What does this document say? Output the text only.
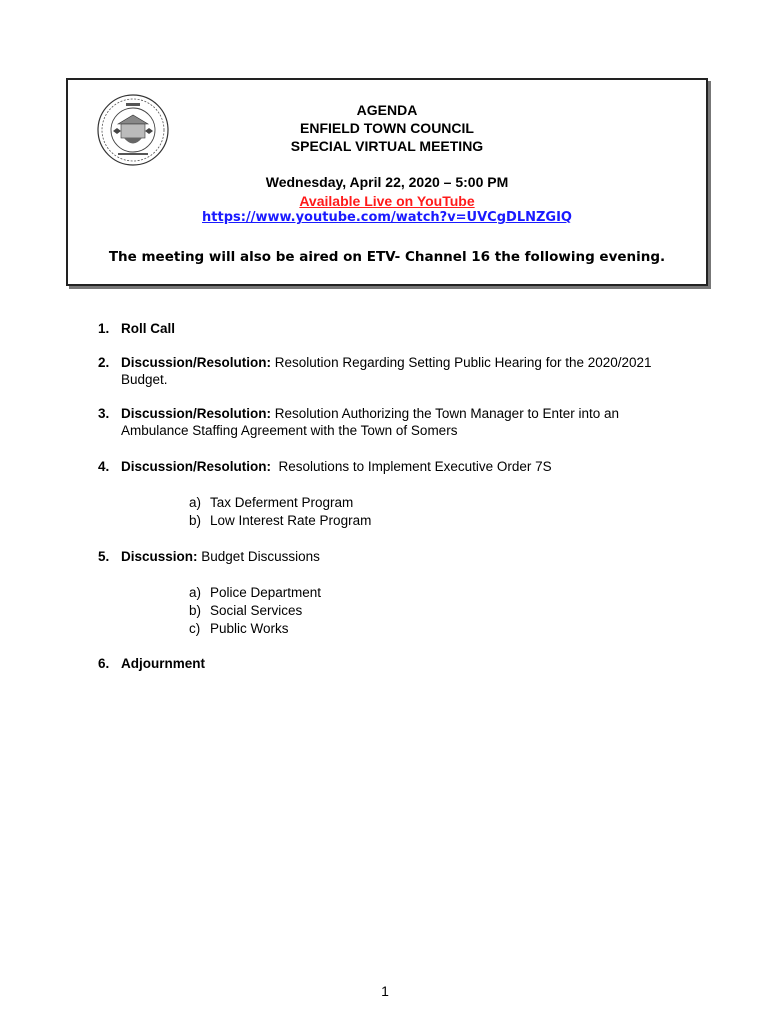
AGENDA
ENFIELD TOWN COUNCIL
SPECIAL VIRTUAL MEETING
Wednesday, April 22, 2020 – 5:00 PM
Available Live on YouTube
https://www.youtube.com/watch?v=UVCgDLNZGIQ
The meeting will also be aired on ETV- Channel 16 the following evening.
1. Roll Call
2. Discussion/Resolution: Resolution Regarding Setting Public Hearing for the 2020/2021 Budget.
3. Discussion/Resolution: Resolution Authorizing the Town Manager to Enter into an Ambulance Staffing Agreement with the Town of Somers
4. Discussion/Resolution:  Resolutions to Implement Executive Order 7S
a) Tax Deferment Program
b) Low Interest Rate Program
5. Discussion: Budget Discussions
a) Police Department
b) Social Services
c) Public Works
6. Adjournment
1
